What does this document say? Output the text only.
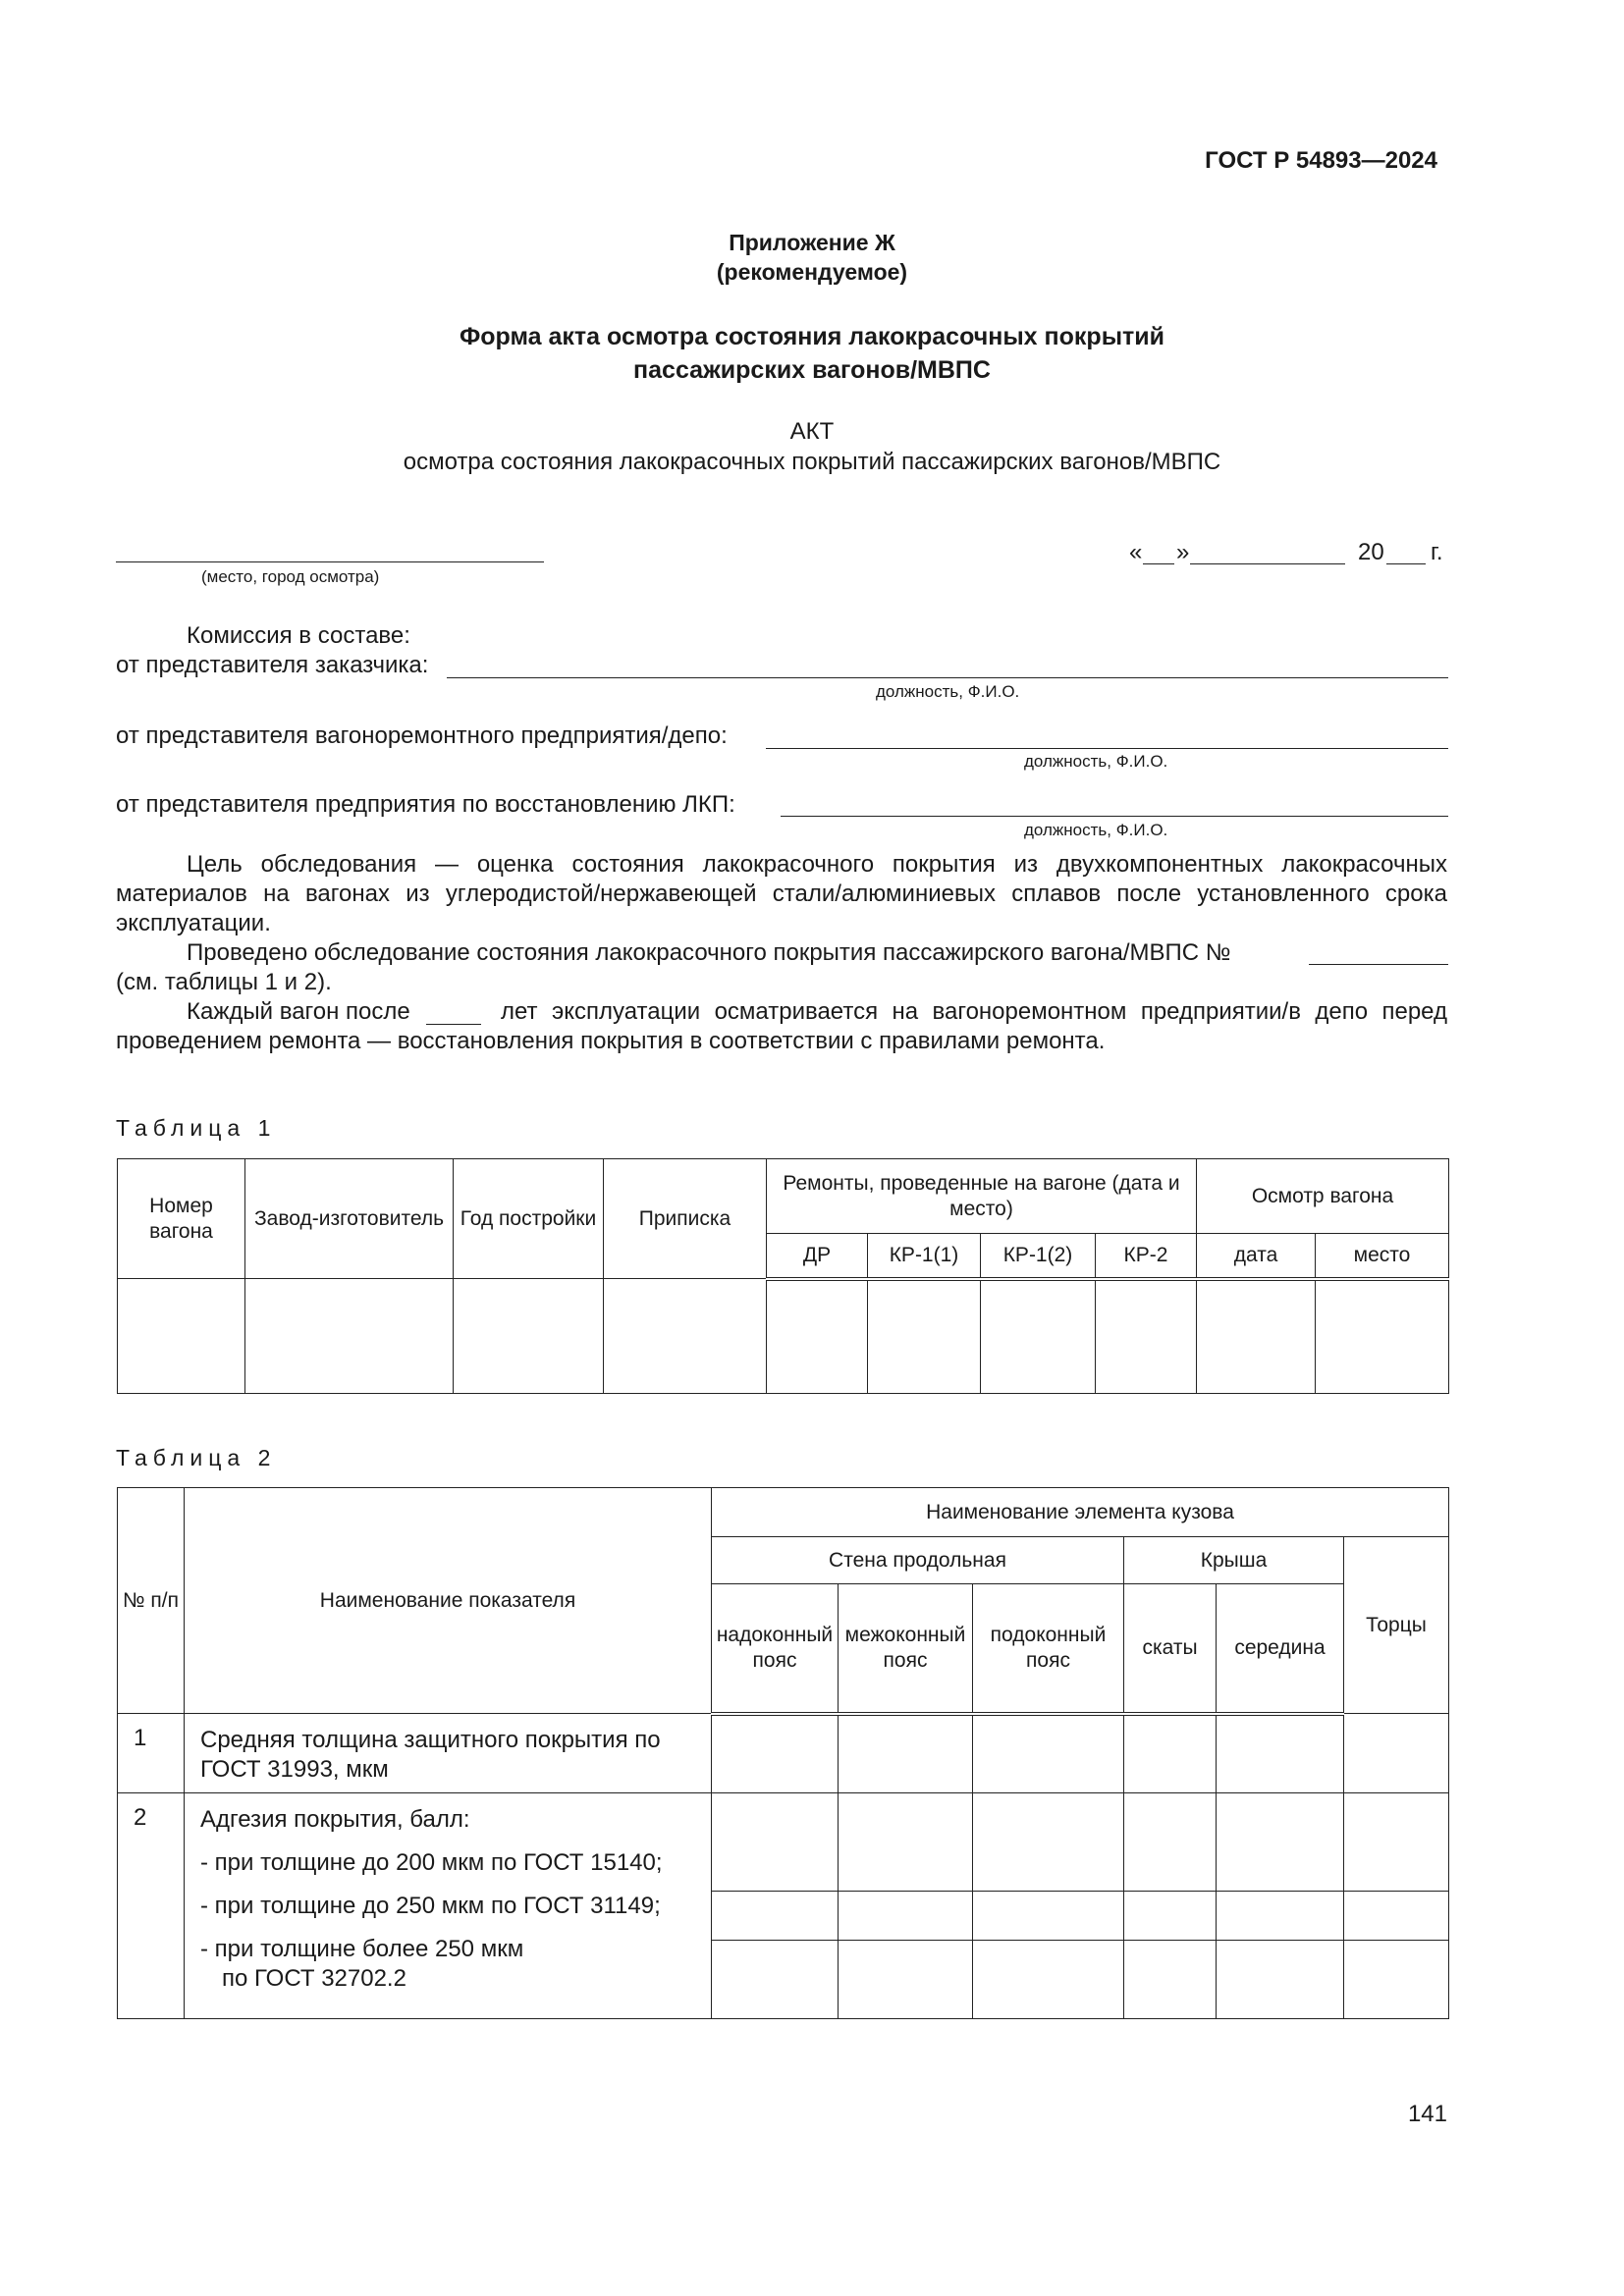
ГОСТ Р 54893—2024
Приложение Ж
(рекомендуемое)
Форма акта осмотра состояния лакокрасочных покрытий
пассажирских вагонов/МВПС
АКТ
осмотра состояния лакокрасочных покрытий пассажирских вагонов/МВПС
(место, город осмотра)
« »	20 г.
Комиссия в составе:
от представителя заказчика:
должность, Ф.И.О.
от представителя вагоноремонтного предприятия/депо:
должность, Ф.И.О.
от представителя предприятия по восстановлению ЛКП:
должность, Ф.И.О.

Цель обследования — оценка состояния лакокрасочного покрытия из двухкомпонентных лакокрасочных материалов на вагонах из углеродистой/нержавеющей стали/алюминиевых сплавов после установленного срока эксплуатации.

Проведено обследование состояния лакокрасочного покрытия пассажирского вагона/МВПС №
(см. таблицы 1 и 2).
Каждый вагон после	лет эксплуатации осматривается на вагоноремонтном предприятии/в депо перед проведением ремонта — восстановления покрытия в соответствии с правилами ремонта.

Таблица 1
Номер вагона	Завод-изготовитель	Год постройки	Приписка	Ремонты, проведенные на вагоне (дата и место)				Осмотр вагона	
				ДР	КР-1(1)	КР-1(2)	КР-2	дата	место

Таблица 2
№ п/п	Наименование показателя	Наименование элемента кузова					
		Стена продольная			Крыша		Торцы
		надоконный пояс	межоконный пояс	подоконный пояс	скаты	середина	
1	Средняя толщина защитного покрытия по ГОСТ 31993, мкм						
2	Адгезия покрытия, балл:
- при толщине до 200 мкм по ГОСТ 15140;
- при толщине до 250 мкм по ГОСТ 31149;
- при толщине более 250 мкм
по ГОСТ 32702.2						

141
